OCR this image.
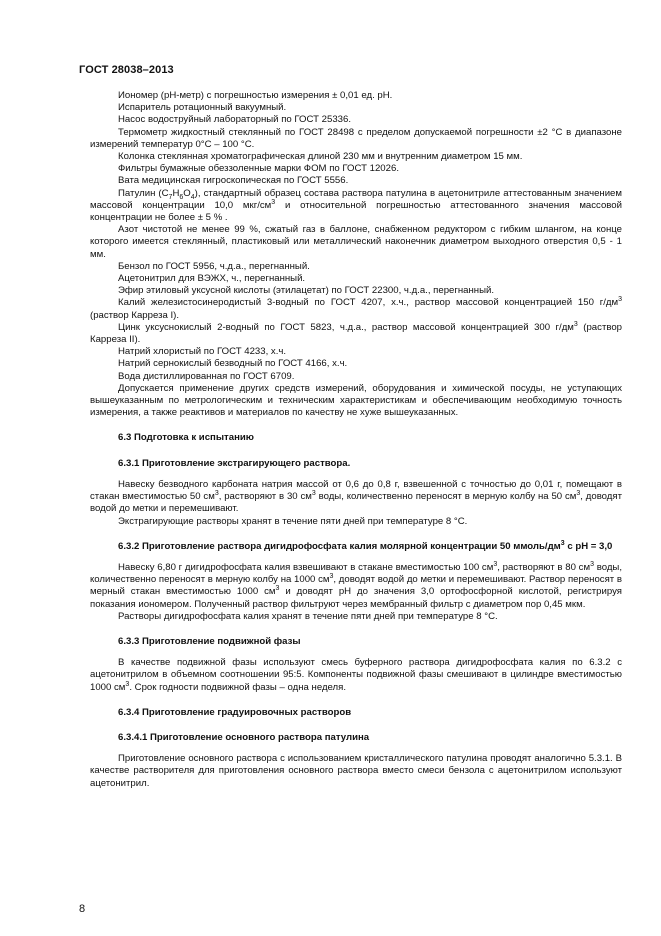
ГОСТ 28038–2013

Иономер (pH-метр) с погрешностью измерения ± 0,01 ед. pH.

Испаритель ротационный вакуумный.

Насос водоструйный лабораторный по ГОСТ 25336.

Термометр жидкостный стеклянный по ГОСТ 28498 с пределом допускаемой погрешности ±2 °С в диапазоне измерений температур 0°С – 100 °С.

Колонка стеклянная хроматографическая длиной 230 мм и внутренним диаметром 15 мм.

Фильтры бумажные обеззоленные марки ФОМ по ГОСТ 12026.

Вата медицинская гигроскопическая по ГОСТ 5556.

Патулин $(C_7H_6O_4)$, стандартный образец состава раствора патулина в ацетонитриле аттестованным значением массовой концентрации 10,0 мкг/$см^3$ и относительной погрешностью аттестованного значения массовой концентрации не более ± 5 % .

Азот чистотой не менее 99 %, сжатый газ в баллоне, снабженном редуктором с гибким шлангом, на конце которого имеется стеклянный, пластиковый или металлический наконечник диаметром выходного отверстия 0,5 - 1 мм.

Бензол по ГОСТ 5956, ч.д.а., перегнанный.

Ацетонитрил для ВЭЖХ, ч., перегнанный.

Эфир этиловый уксусной кислоты (этилацетат) по ГОСТ 22300, ч.д.а., перегнанный.

Калий железистосинеродистый 3-водный по ГОСТ 4207, х.ч., раствор массовой концентрацией 150 $г/дм^3$ (раствор Карреза I).

Цинк уксуснокислый 2-водный по ГОСТ 5823, ч.д.а., раствор массовой концентрацией 300 $г/дм^3$ (раствор Карреза II).

Натрий хлористый по ГОСТ 4233, х.ч.

Натрий сернокислый безводный по ГОСТ 4166, х.ч.

Вода дистиллированная по ГОСТ 6709.

Допускается применение других средств измерений, оборудования и химической посуды, не уступающих вышеуказанным по метрологическим и техническим характеристикам и обеспечивающим необходимую точность измерения, а также реактивов и материалов по качеству не хуже вышеуказанных.

6.3 Подготовка к испытанию

6.3.1 Приготовление экстрагирующего раствора.

Навеску безводного карбоната натрия массой от 0,6 до 0,8 г, взвешенной с точностью до 0,01 г, помещают в стакан вместимостью 50 $см^3$, растворяют в 30 $см^3$ воды, количественно переносят в мерную колбу на 50 $см^3$, доводят водой до метки и перемешивают.

Экстрагирующие растворы хранят в течение пяти дней при температуре 8 °С.

6.3.2 Приготовление раствора дигидрофосфата калия молярной концентрации 50 ммоль/$дм^3$ с pH = 3,0

Навеску 6,80 г дигидрофосфата калия взвешивают в стакане вместимостью 100 $см^3$, растворяют в 80 $см^3$ воды, количественно переносят в мерную колбу на 1000 $см^3$, доводят водой до метки и перемешивают. Раствор переносят в мерный стакан вместимостью 1000 $см^3$ и доводят pH до значения 3,0 ортофосфорной кислотой, регистрируя показания иономером. Полученный раствор фильтруют через мембранный фильтр с диаметром пор 0,45 мкм.

Растворы дигидрофосфата калия хранят в течение пяти дней при температуре 8 °С.

6.3.3 Приготовление подвижной фазы

В качестве подвижной фазы используют смесь буферного раствора дигидрофосфата калия по 6.3.2 с ацетонитрилом в объемном соотношении 95:5. Компоненты подвижной фазы смешивают в цилиндре вместимостью 1000 $см^3$. Срок годности подвижной фазы – одна неделя.

6.3.4 Приготовление градуировочных растворов

6.3.4.1 Приготовление основного раствора патулина

Приготовление основного раствора с использованием кристаллического патулина проводят аналогично 5.3.1. В качестве растворителя для приготовления основного раствора вместо смеси бензола с ацетонитрилом используют ацетонитрил.

8
